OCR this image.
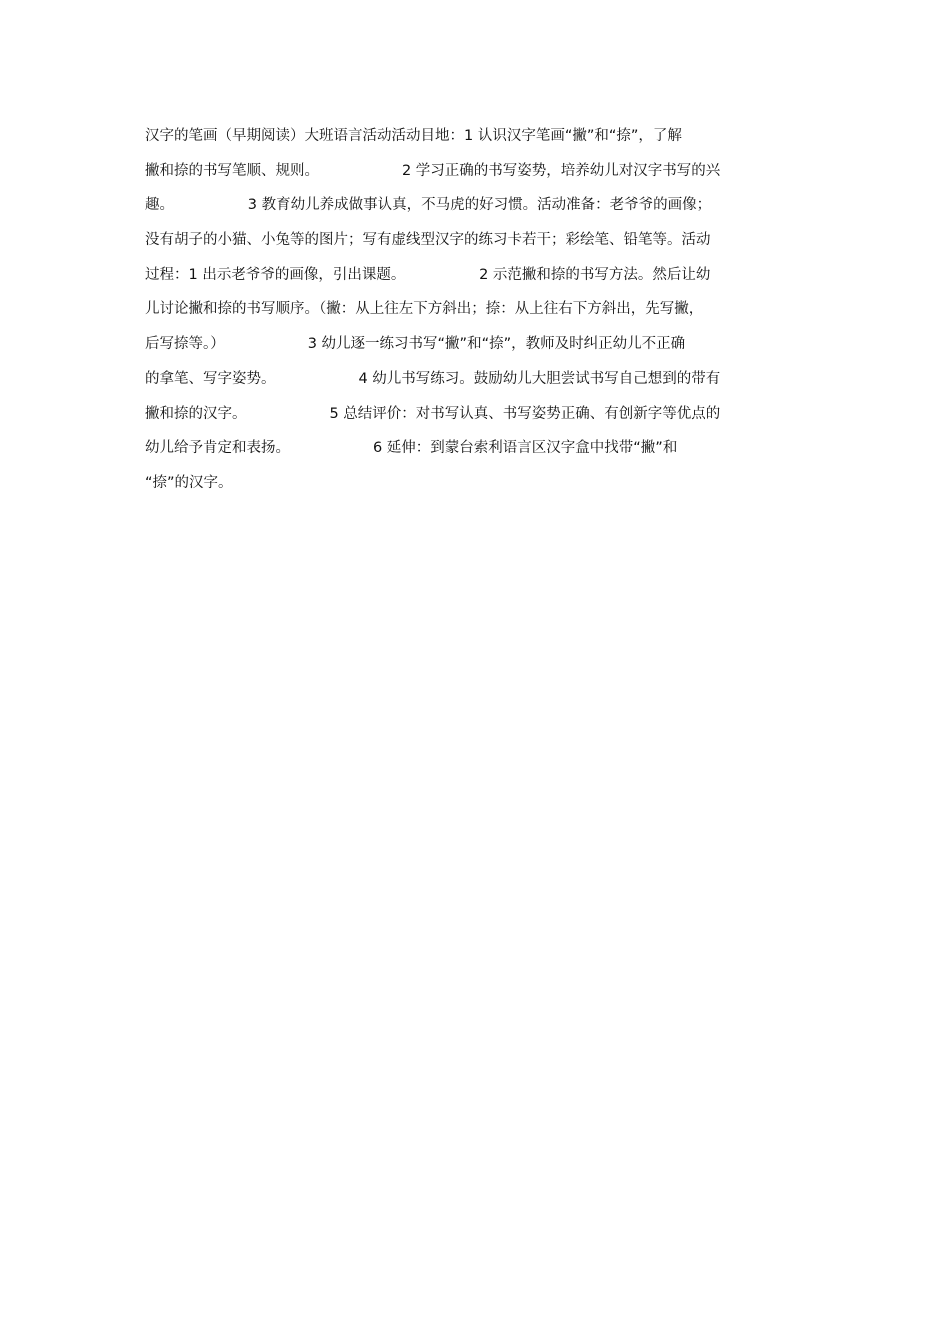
汉字的笔画（早期阅读）大班语言活动活动目地：1 认识汉字笔画“撇”和“捺”，了解
撇和捺的书写笔顺、规则。                  2 学习正确的书写姿势，培养幼儿对汉字书写的兴
趣。                3 教育幼儿养成做事认真，不马虎的好习惯。活动准备：老爷爷的画像；
没有胡子的小猫、小兔等的图片；写有虚线型汉字的练习卡若干；彩绘笔、铅笔等。活动
过程：1 出示老爷爷的画像，引出课题。                2 示范撇和捺的书写方法。然后让幼
儿讨论撇和捺的书写顺序。（撇：从上往左下方斜出；捺：从上往右下方斜出，先写撇，
后写捺等。）                  3 幼儿逐一练习书写“撇”和“捺”，教师及时纠正幼儿不正确
的拿笔、写字姿势。                  4 幼儿书写练习。鼓励幼儿大胆尝试书写自己想到的带有
撇和捺的汉字。                  5 总结评价：对书写认真、书写姿势正确、有创新字等优点的
幼儿给予肯定和表扬。                  6 延伸：到蒙台索利语言区汉字盒中找带“撇”和
“捺”的汉字。
